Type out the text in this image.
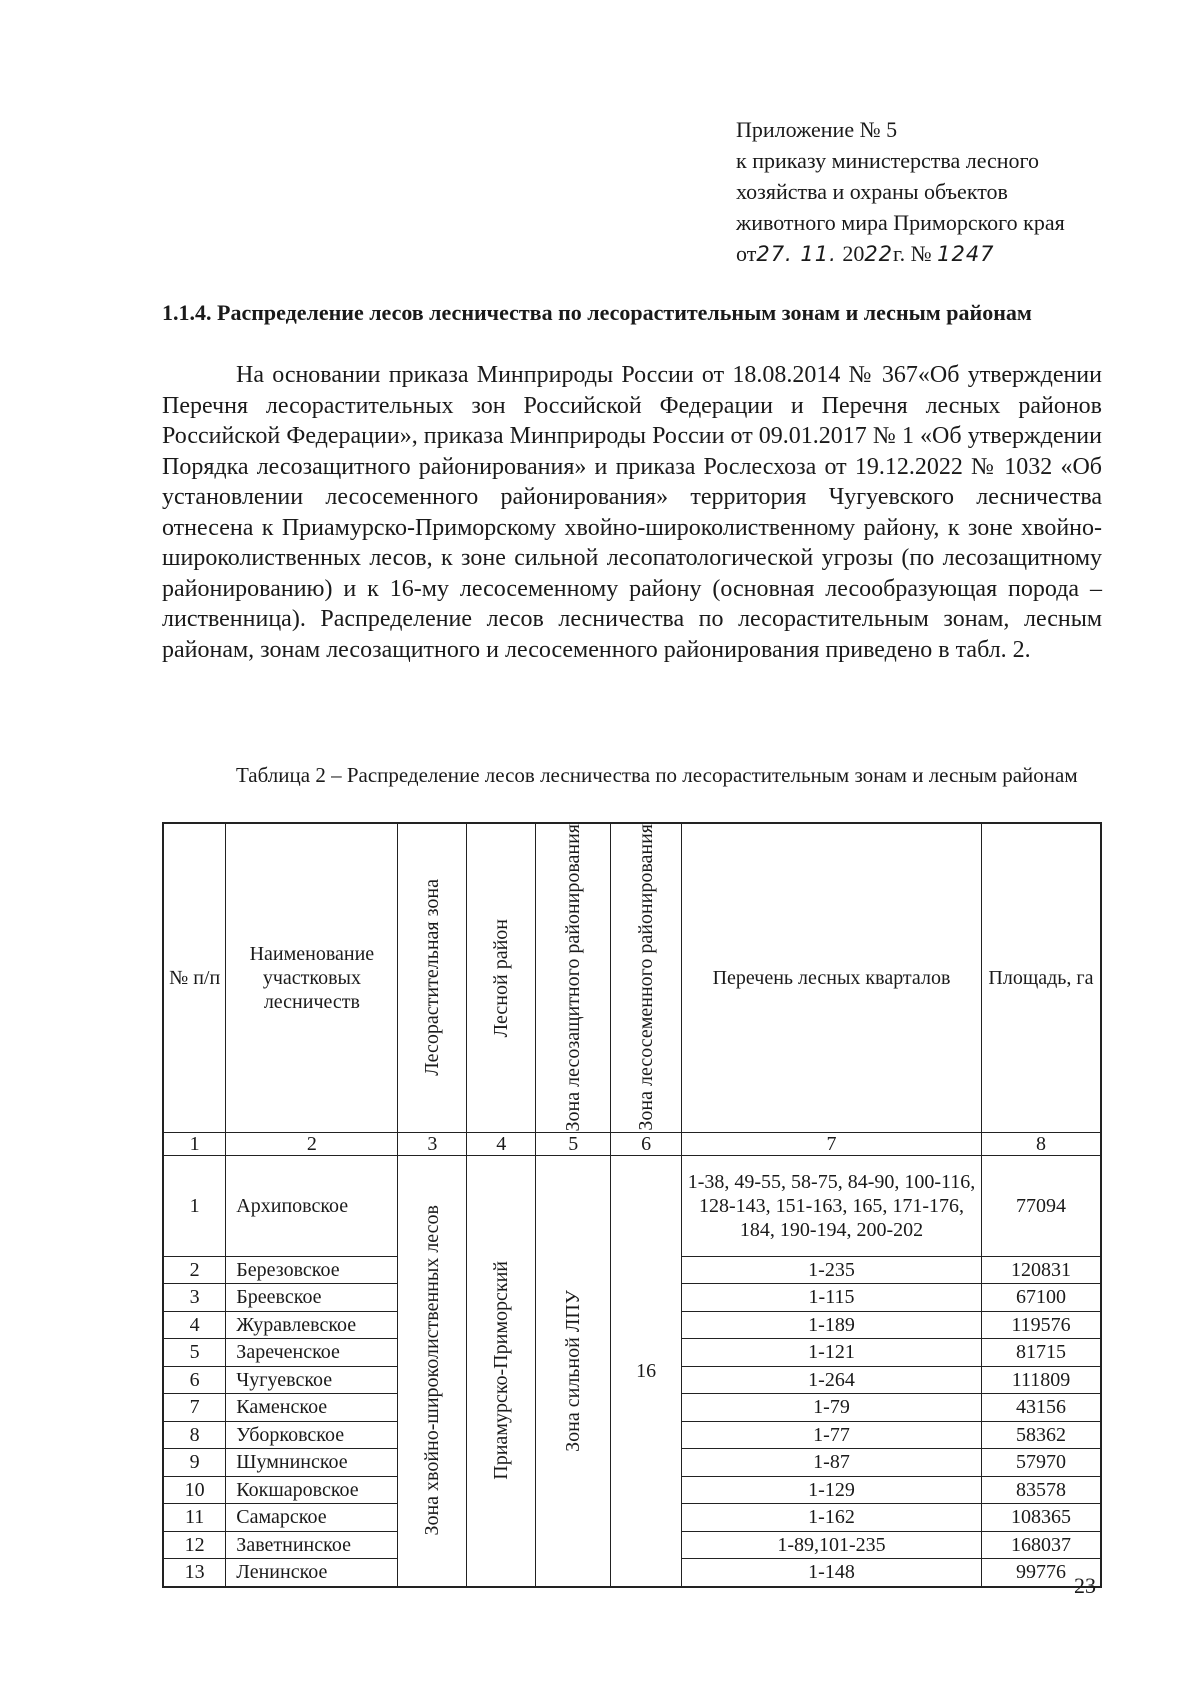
Приложение № 5
к приказу министерства лесного
хозяйства и охраны объектов
животного мира Приморского края
от27. 11. 2022г. № 1247
1.1.4. Распределение лесов лесничества по лесорастительным зонам и лесным районам
На основании приказа Минприроды России от 18.08.2014 № 367«Об утверждении Перечня лесорастительных зон Российской Федерации и Перечня лесных районов Российской Федерации», приказа Минприроды России от 09.01.2017 № 1 «Об утверждении Порядка лесозащитного районирования» и приказа Рослесхоза от 19.12.2022 № 1032 «Об установлении лесосеменного районирования» территория Чугуевского лесничества отнесена к Приамурско-Приморскому хвойно-широколиственному району, к зоне хвойно-широколиственных лесов, к зоне сильной лесопатологической угрозы (по лесозащитному районированию) и к 16-му лесосеменному району (основная лесообразующая порода – лиственница). Распределение лесов лесничества по лесорастительным зонам, лесным районам, зонам лесозащитного и лесосеменного районирования приведено в табл. 2.
Таблица 2 – Распределение лесов лесничества по лесорастительным зонам и лесным районам
№ п/п	Наименование участковых лесничеств	Лесорастительная зона	Лесной район	Зона лесозащитного районирования	Зона лесосеменного районирования	Перечень лесных кварталов	Площадь, га
1	2	3	4	5	6	7	8
1	Архиповское	Зона хвойно-широколиственных лесов	Приамурско-Приморский	Зона сильной ЛПУ	16	1-38, 49-55, 58-75, 84-90, 100-116, 128-143, 151-163, 165, 171-176, 184, 190-194, 200-202	77094
2	Березовское					1-235	120831
3	Бреевское					1-115	67100
4	Журавлевское					1-189	119576
5	Зареченское					1-121	81715
6	Чугуевское					1-264	111809
7	Каменское					1-79	43156
8	Уборковское					1-77	58362
9	Шумнинское					1-87	57970
10	Кокшаровское					1-129	83578
11	Самарское					1-162	108365
12	Заветнинское					1-89,101-235	168037
13	Ленинское					1-148	99776
23
